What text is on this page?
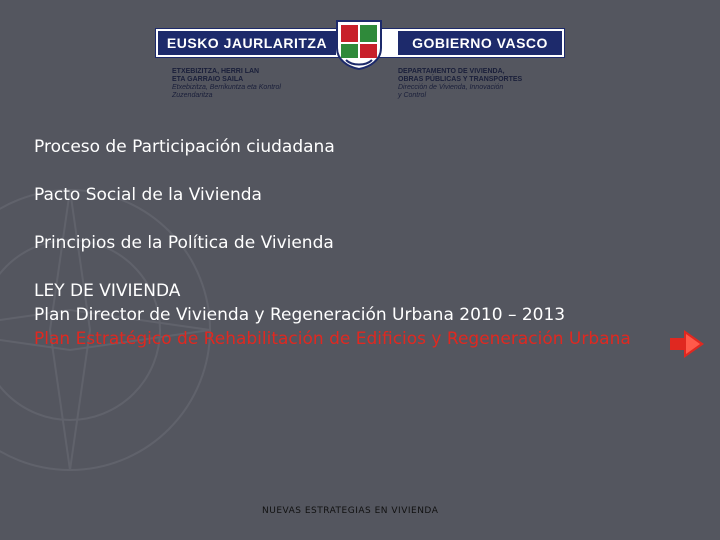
EUSKO JAURLARITZA	GOBIERNO VASCO
ETXEBIZITZA, HERRI LAN
ETA GARRAIO SAILA
Etxebizitza, Berrikuntza eta Kontrol
Zuzendaritza
DEPARTAMENTO DE VIVIENDA,
OBRAS PÚBLICAS Y TRANSPORTES
Dirección de Vivienda, Innovación
y Control
Proceso de Participación ciudadana
Pacto Social de la Vivienda
Principios de la Política de Vivienda
LEY DE VIVIENDA
Plan Director de Vivienda y Regeneración Urbana 2010 – 2013
Plan Estratégico de Rehabilitación de Edificios y Regeneración Urbana
NUEVAS ESTRATEGIAS EN VIVIENDA
